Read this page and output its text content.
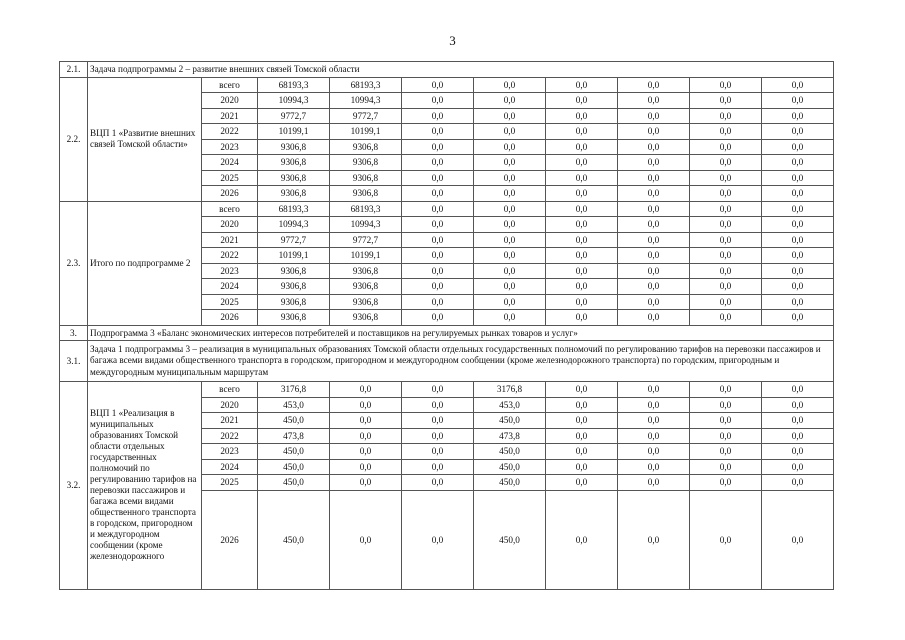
3
2.1.	Задача подпрограммы 2 – развитие внешних связей Томской области										
2.2.	ВЦП 1 «Развитие внешних связей Томской области»	всего	68193,3	68193,3	0,0	0,0	0,0	0,0	0,0	0,0	
		2020	10994,3	10994,3	0,0	0,0	0,0	0,0	0,0	0,0	
		2021	9772,7	9772,7	0,0	0,0	0,0	0,0	0,0	0,0	
		2022	10199,1	10199,1	0,0	0,0	0,0	0,0	0,0	0,0	
		2023	9306,8	9306,8	0,0	0,0	0,0	0,0	0,0	0,0	
		2024	9306,8	9306,8	0,0	0,0	0,0	0,0	0,0	0,0	
		2025	9306,8	9306,8	0,0	0,0	0,0	0,0	0,0	0,0	
		2026	9306,8	9306,8	0,0	0,0	0,0	0,0	0,0	0,0	
2.3.	Итого по подпрограмме 2	всего	68193,3	68193,3	0,0	0,0	0,0	0,0	0,0	0,0	
		2020	10994,3	10994,3	0,0	0,0	0,0	0,0	0,0	0,0	
		2021	9772,7	9772,7	0,0	0,0	0,0	0,0	0,0	0,0	
		2022	10199,1	10199,1	0,0	0,0	0,0	0,0	0,0	0,0	
		2023	9306,8	9306,8	0,0	0,0	0,0	0,0	0,0	0,0	
		2024	9306,8	9306,8	0,0	0,0	0,0	0,0	0,0	0,0	
		2025	9306,8	9306,8	0,0	0,0	0,0	0,0	0,0	0,0	
		2026	9306,8	9306,8	0,0	0,0	0,0	0,0	0,0	0,0	
3.	Подпрограмма 3 «Баланс экономических интересов потребителей и поставщиков на регулируемых рынках товаров и услуг»										
3.1.	Задача 1 подпрограммы 3 – реализация в муниципальных образованиях Томской области отдельных государственных полномочий по регулированию тарифов на перевозки пассажиров и багажа всеми видами общественного транспорта в городском, пригородном и междугородном сообщении (кроме железнодорожного транспорта) по городским, пригородным и междугородным муниципальным маршрутам										
3.2.	ВЦП 1 «Реализация в муниципальных образованиях Томской области отдельных государственных полномочий по регулированию тарифов на перевозки пассажиров и багажа всеми видами общественного транспорта в городском, пригородном и междугородном сообщении (кроме железнодорожного	всего	3176,8	0,0	0,0	3176,8	0,0	0,0	0,0	0,0	
		2020	453,0	0,0	0,0	453,0	0,0	0,0	0,0	0,0	
		2021	450,0	0,0	0,0	450,0	0,0	0,0	0,0	0,0	
		2022	473,8	0,0	0,0	473,8	0,0	0,0	0,0	0,0	
		2023	450,0	0,0	0,0	450,0	0,0	0,0	0,0	0,0	
		2024	450,0	0,0	0,0	450,0	0,0	0,0	0,0	0,0	
		2025	450,0	0,0	0,0	450,0	0,0	0,0	0,0	0,0	
		2026	450,0	0,0	0,0	450,0	0,0	0,0	0,0	0,0	
